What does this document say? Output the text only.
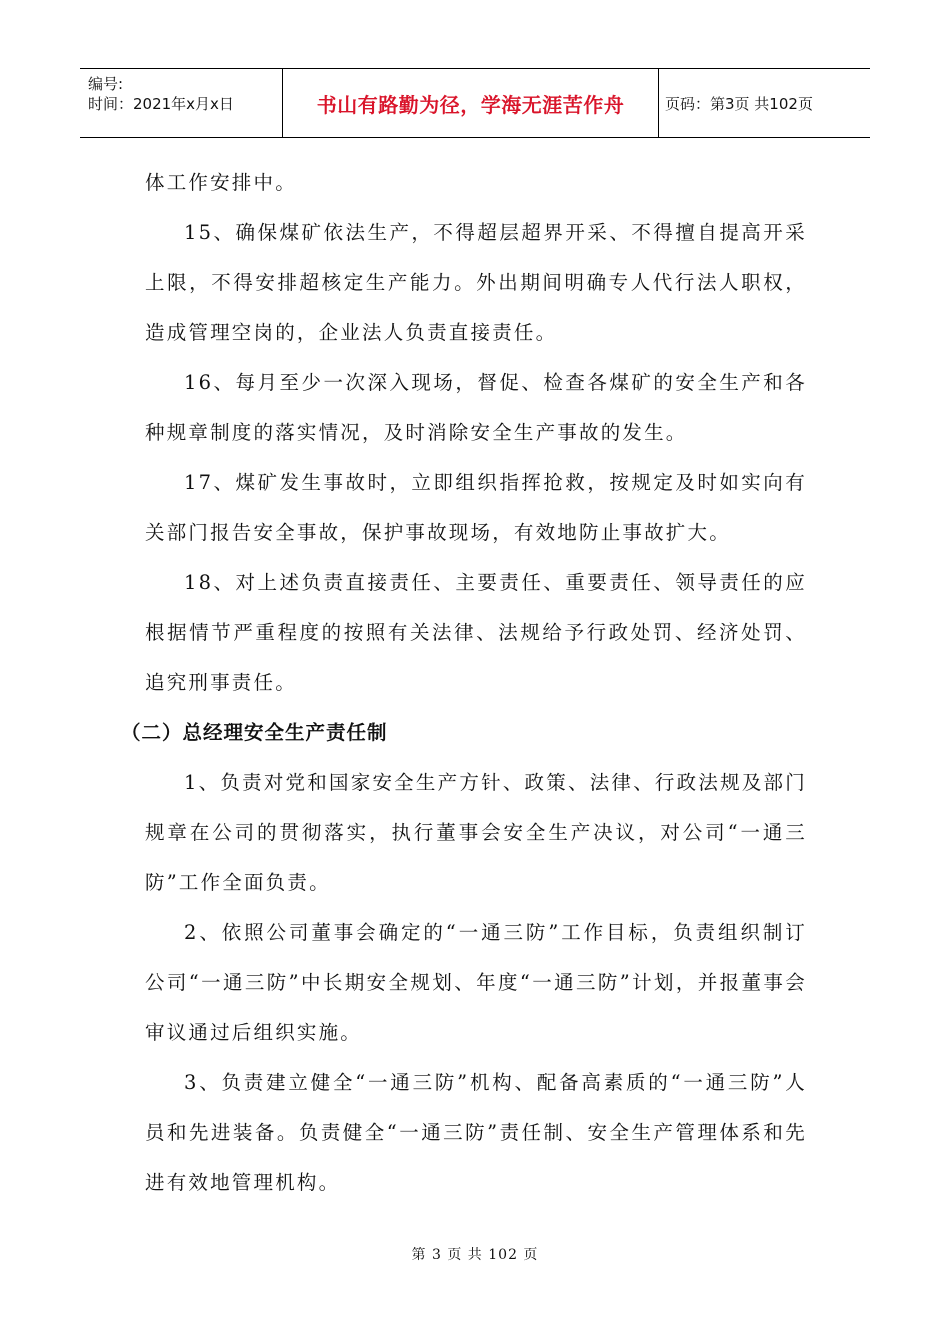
编号:
时间：2021年x月x日	书山有路勤为径，学海无涯苦作舟	页码：第3页 共102页

体工作安排中。

15、确保煤矿依法生产，不得超层超界开采、不得擅自提高开采上限，不得安排超核定生产能力。外出期间明确专人代行法人职权，造成管理空岗的，企业法人负责直接责任。

16、每月至少一次深入现场，督促、检查各煤矿的安全生产和各种规章制度的落实情况，及时消除安全生产事故的发生。

17、煤矿发生事故时，立即组织指挥抢救，按规定及时如实向有关部门报告安全事故，保护事故现场，有效地防止事故扩大。

18、对上述负责直接责任、主要责任、重要责任、领导责任的应根据情节严重程度的按照有关法律、法规给予行政处罚、经济处罚、追究刑事责任。

（二）总经理安全生产责任制

1、负责对党和国家安全生产方针、政策、法律、行政法规及部门规章在公司的贯彻落实，执行董事会安全生产决议，对公司“一通三防”工作全面负责。

2、依照公司董事会确定的“一通三防”工作目标，负责组织制订公司“一通三防”中长期安全规划、年度“一通三防”计划，并报董事会审议通过后组织实施。

3、负责建立健全“一通三防”机构、配备高素质的“一通三防”人员和先进装备。负责健全“一通三防”责任制、安全生产管理体系和先进有效地管理机构。

第 3 页 共 102 页
